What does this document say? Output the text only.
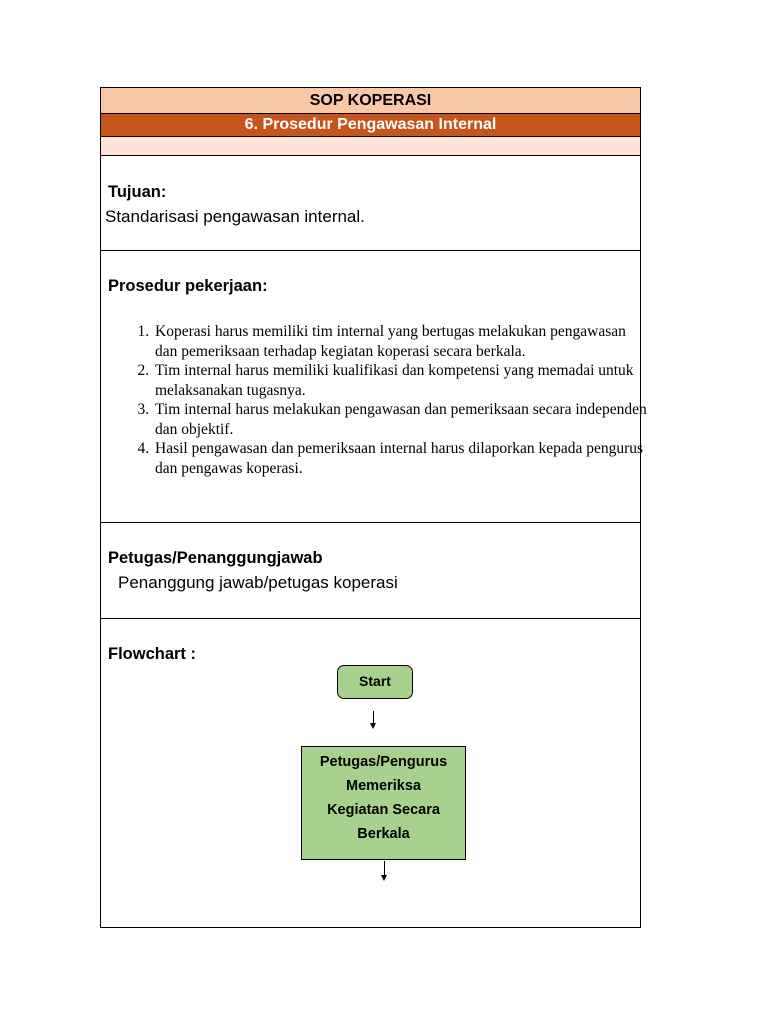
SOP KOPERASI
6. Prosedur Pengawasan Internal
Tujuan:
Standarisasi pengawasan internal.
Prosedur pekerjaan:
1. Koperasi harus memiliki tim internal yang bertugas melakukan pengawasan dan pemeriksaan terhadap kegiatan koperasi secara berkala.
2. Tim internal harus memiliki kualifikasi dan kompetensi yang memadai untuk melaksanakan tugasnya.
3. Tim internal harus melakukan pengawasan dan pemeriksaan secara independen dan objektif.
4. Hasil pengawasan dan pemeriksaan internal harus dilaporkan kepada pengurus dan pengawas koperasi.
Petugas/Penanggungjawab
Penanggung jawab/petugas koperasi
Flowchart :
Start
Petugas/Pengurus
Memeriksa
Kegiatan Secara
Berkala
